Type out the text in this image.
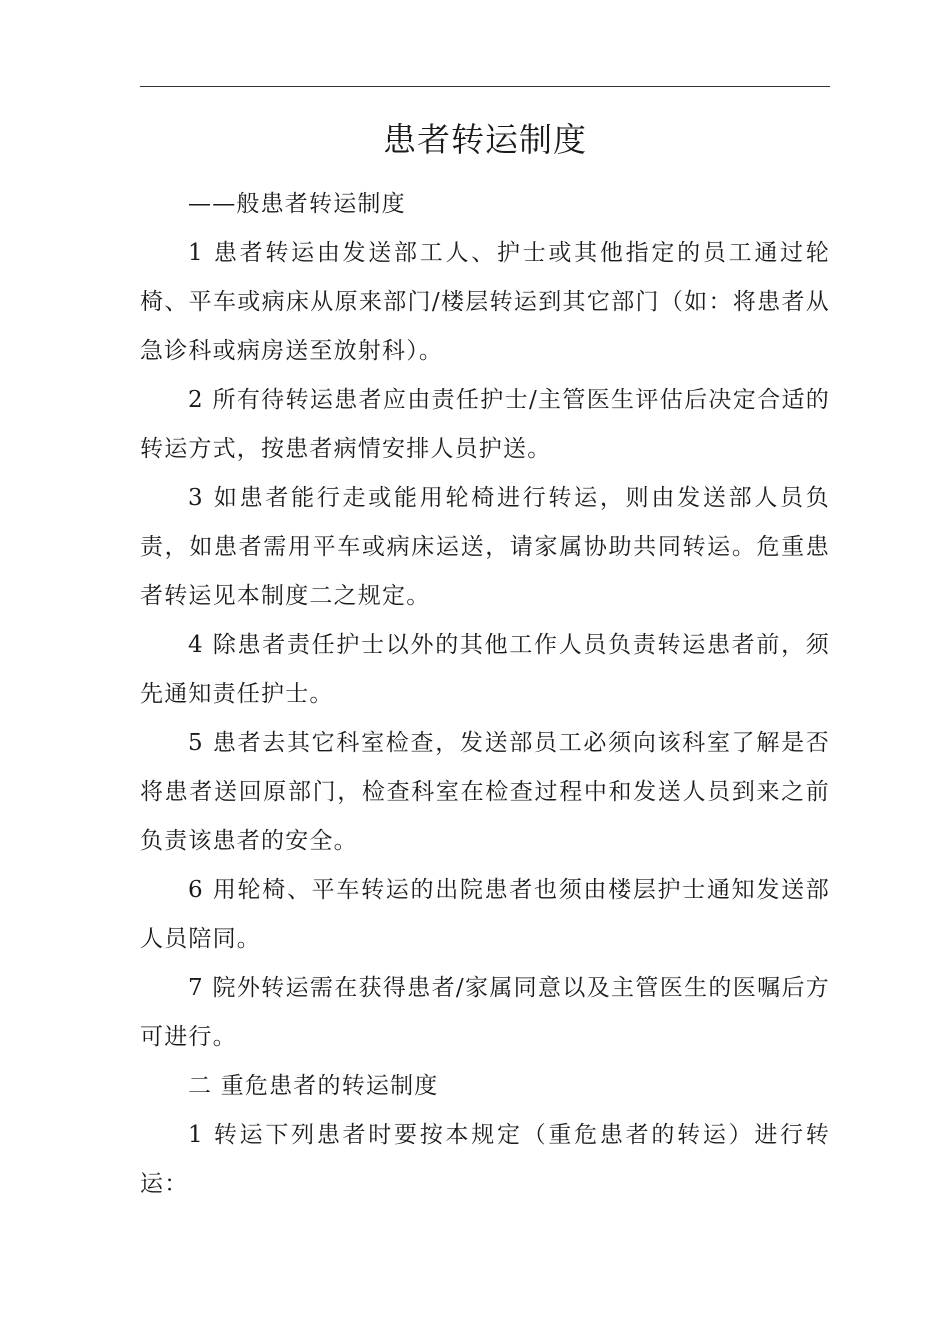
患者转运制度

——般患者转运制度

1 患者转运由发送部工人、护士或其他指定的员工通过轮椅、平车或病床从原来部门/楼层转运到其它部门（如：将患者从急诊科或病房送至放射科）。

2 所有待转运患者应由责任护士/主管医生评估后决定合适的转运方式，按患者病情安排人员护送。

3 如患者能行走或能用轮椅进行转运，则由发送部人员负责，如患者需用平车或病床运送，请家属协助共同转运。危重患者转运见本制度二之规定。

4 除患者责任护士以外的其他工作人员负责转运患者前，须先通知责任护士。

5 患者去其它科室检查，发送部员工必须向该科室了解是否将患者送回原部门，检查科室在检查过程中和发送人员到来之前负责该患者的安全。

6 用轮椅、平车转运的出院患者也须由楼层护士通知发送部人员陪同。

7 院外转运需在获得患者/家属同意以及主管医生的医嘱后方可进行。

二 重危患者的转运制度

1 转运下列患者时要按本规定（重危患者的转运）进行转运：
